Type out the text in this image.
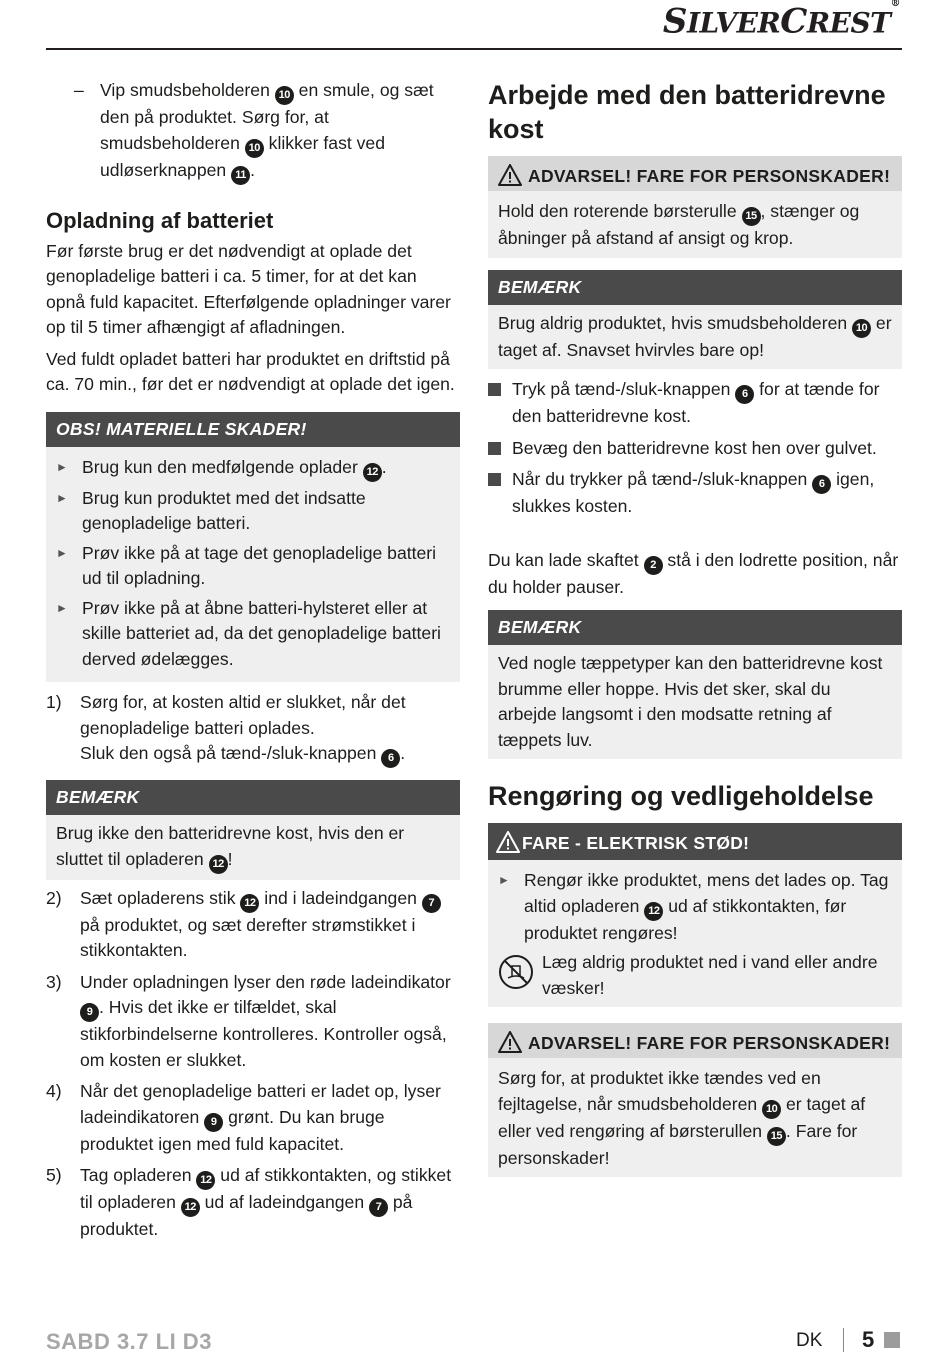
SILVERCREST®
– Vip smudsbeholderen 10 en smule, og sæt den på produktet. Sørg for, at smudsbeholderen 10 klikker fast ved udløserknappen 11 .
Opladning af batteriet

Før første brug er det nødvendigt at oplade det genopladelige batteri i ca. 5 timer, for at det kan opnå fuld kapacitet. Efterfølgende opladninger varer op til 5 timer afhængigt af afladningen.

Ved fuldt opladet batteri har produktet en driftstid på ca. 70 min., før det er nødvendigt at oplade det igen.

OBS! MATERIELLE SKADER!
► Brug kun den medfølgende oplader 12 .
► Brug kun produktet med det indsatte genopladelige batteri.
► Prøv ikke på at tage det genopladelige batteri ud til opladning.
► Prøv ikke på at åbne batteri-hylsteret eller at skille batteriet ad, da det genopladelige batteri derved ødelægges.
1) Sørg for, at kosten altid er slukket, når det genopladelige batteri oplades.
Sluk den også på tænd-/sluk-knappen 6 .
BEMÆRK
Brug ikke den batteridrevne kost, hvis den er sluttet til opladeren 12 !
2) Sæt opladerens stik 12 ind i ladeindgangen 7 på produktet, og sæt derefter strømstikket i stikkontakten.
3) Under opladningen lyser den røde ladeindikator 9 . Hvis det ikke er tilfældet, skal stikforbindelserne kontrolleres. Kontroller også, om kosten er slukket.
4) Når det genopladelige batteri er ladet op, lyser ladeindikatoren 9 grønt. Du kan bruge produktet igen med fuld kapacitet.
5) Tag opladeren 12 ud af stikkontakten, og stikket til opladeren 12 ud af ladeindgangen 7 på produktet.
Arbejde med den batteridrevne kost
ADVARSEL! FARE FOR PERSONSKADER!
Hold den roterende børsterulle 15 , stænger og åbninger på afstand af ansigt og krop.
BEMÆRK
Brug aldrig produktet, hvis smudsbeholderen 10 er taget af. Snavset hvirvles bare op!
Tryk på tænd-/sluk-knappen 6 for at tænde for den batteridrevne kost.
Bevæg den batteridrevne kost hen over gulvet.
Når du trykker på tænd-/sluk-knappen 6 igen, slukkes kosten.

Du kan lade skaftet 2 stå i den lodrette position, når du holder pauser.

BEMÆRK
Ved nogle tæppetyper kan den batteridrevne kost brumme eller hoppe. Hvis det sker, skal du arbejde langsomt i den modsatte retning af tæppets luv.
Rengøring og vedligeholdelse
FARE - ELEKTRISK STØD!
► Rengør ikke produktet, mens det lades op. Tag altid opladeren 12 ud af stikkontakten, før produktet rengøres!
Læg aldrig produktet ned i vand eller andre væsker!
ADVARSEL! FARE FOR PERSONSKADER!
Sørg for, at produktet ikke tændes ved en fejltagelse, når smudsbeholderen 10 er taget af eller ved rengøring af børsterullen 15 . Fare for personskader!
SABD 3.7 LI D3	DK 5
